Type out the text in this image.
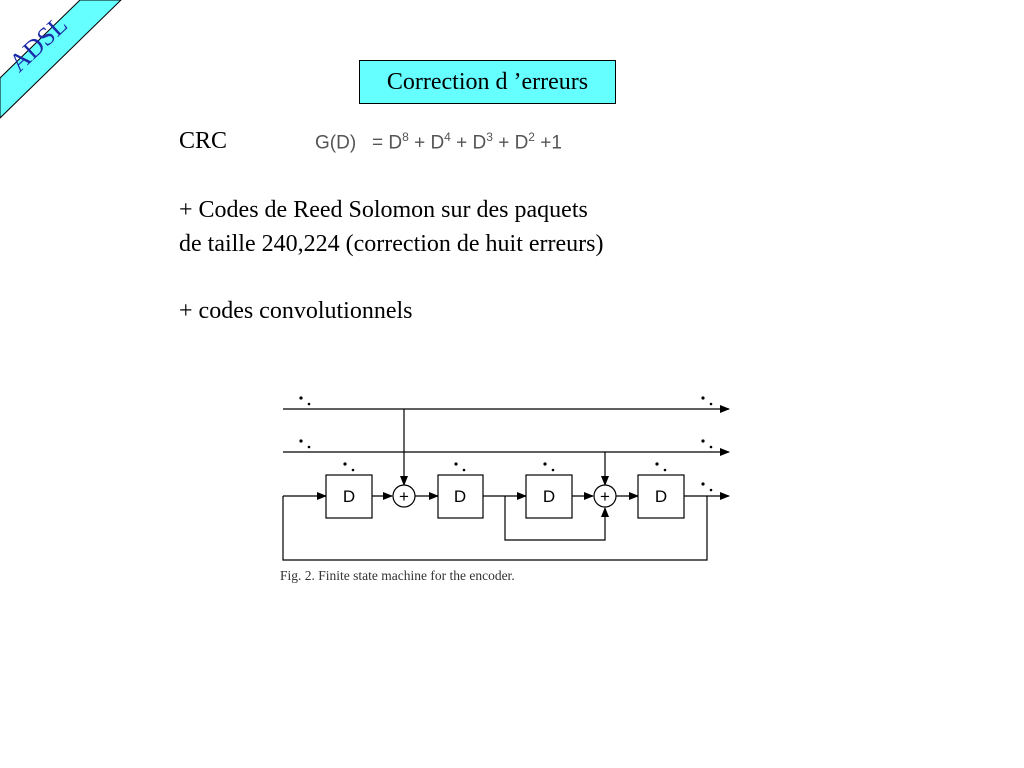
ADSL
Correction d ’erreurs
CRC	$G(D) = D^8 + D^4 + D^3 + D^2 +1$
+ Codes de Reed Solomon sur des paquets
de taille 240,224 (correction de huit erreurs)
+ codes convolutionnels
D	D	D	D
+	+
Fig. 2. Finite state machine for the encoder.
